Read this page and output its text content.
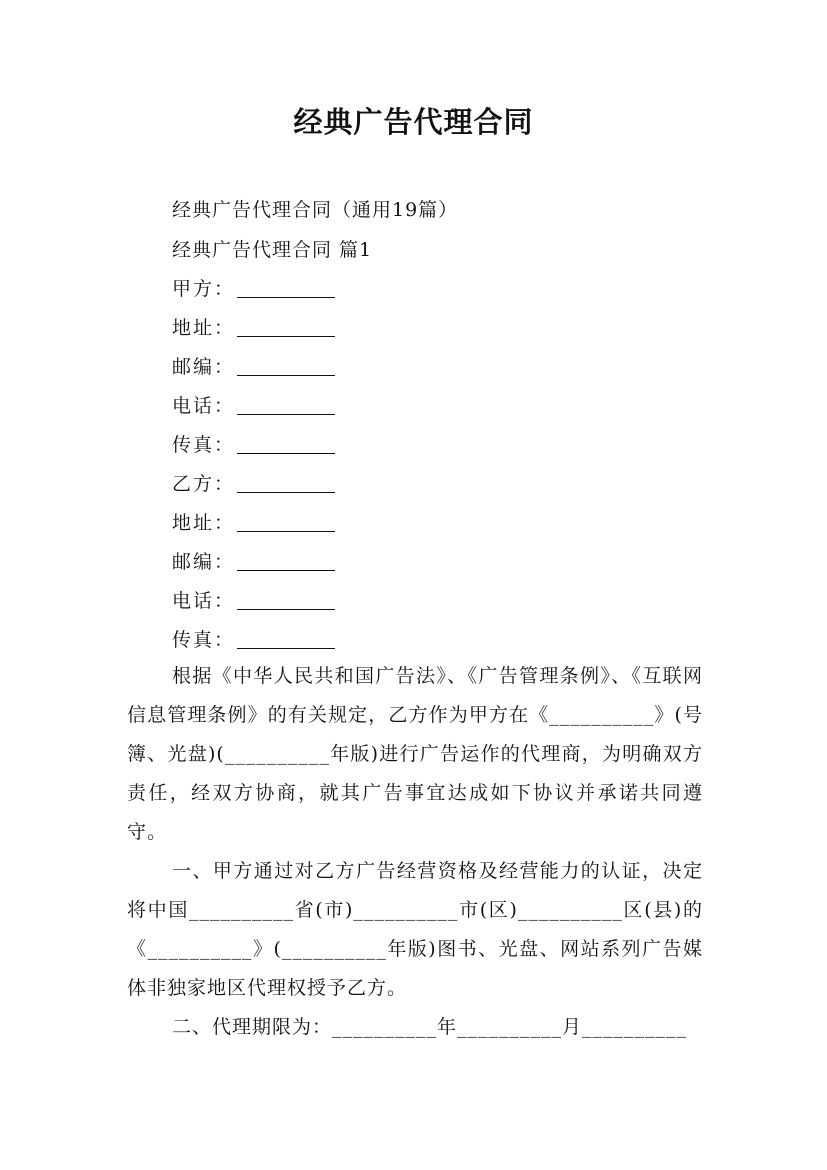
经典广告代理合同
经典广告代理合同（通用19篇）
经典广告代理合同 篇1
甲方：
地址：
邮编：
电话：
传真：
乙方：
地址：
邮编：
电话：
传真：

根据《中华人民共和国广告法》、《广告管理条例》、《互联网信息管理条例》的有关规定，乙方作为甲方在《__________》(号簿、光盘)(__________年版)进行广告运作的代理商，为明确双方责任，经双方协商，就其广告事宜达成如下协议并承诺共同遵守。

一、甲方通过对乙方广告经营资格及经营能力的认证，决定将中国__________省(市)__________市(区)__________区(县)的《__________》(__________年版)图书、光盘、网站系列广告媒体非独家地区代理权授予乙方。

二、代理期限为：__________年__________月__________
